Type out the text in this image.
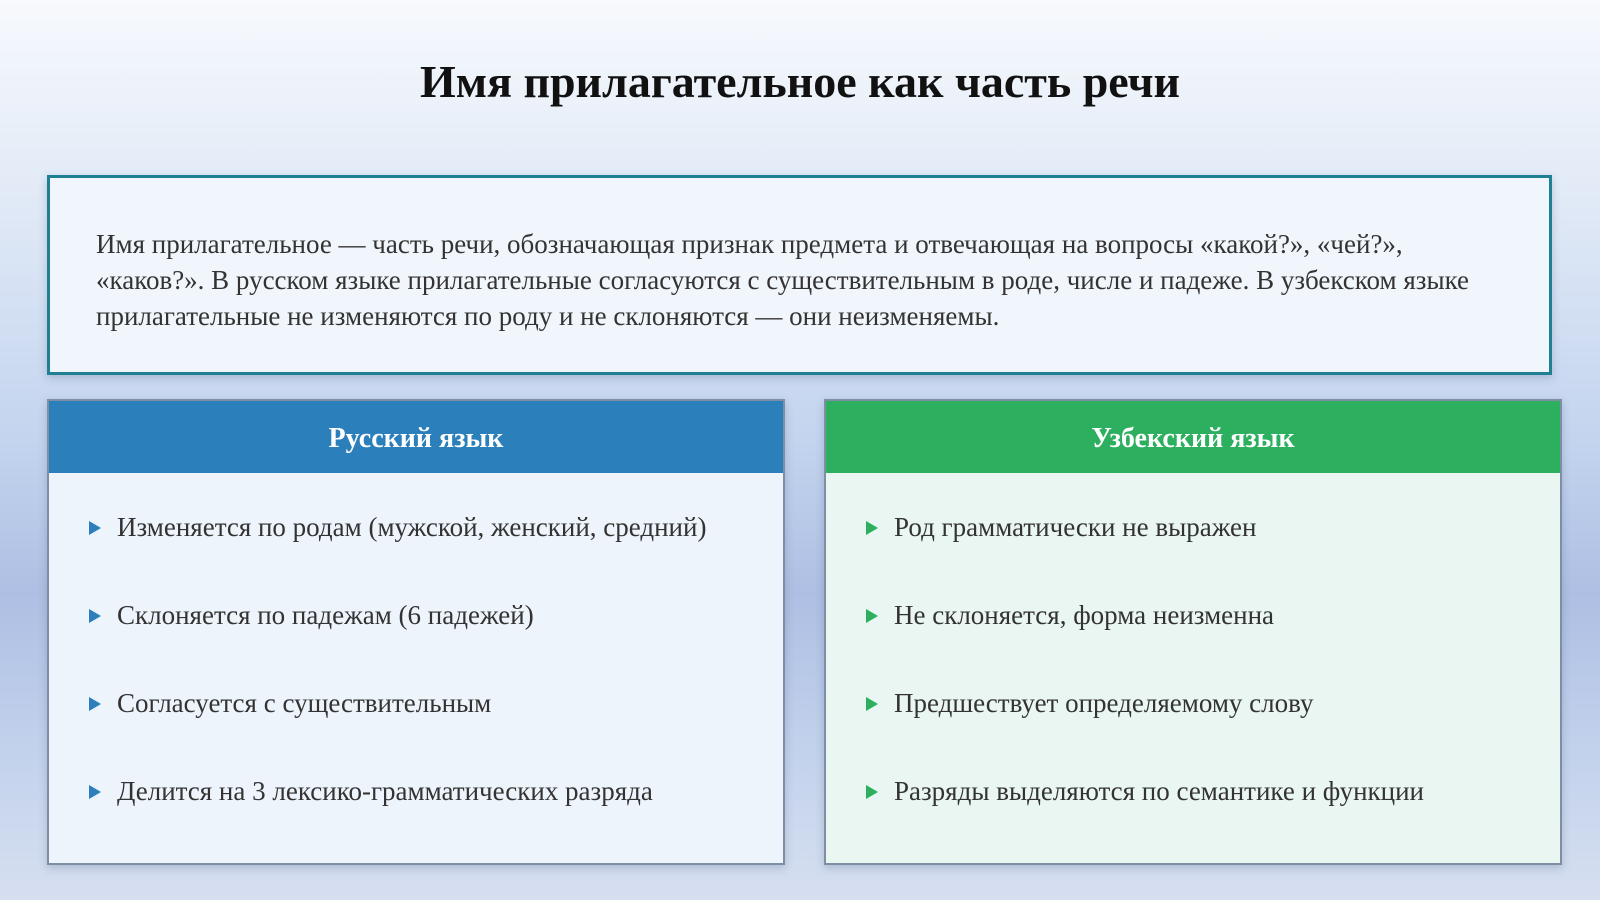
Имя прилагательное как часть речи

Имя прилагательное — часть речи, обозначающая признак предмета и отвечающая на вопросы «какой?», «чей?», «каков?». В русском языке прилагательные согласуются с существительным в роде, числе и падеже. В узбекском языке прилагательные не изменяются по роду и не склоняются — они неизменяемы.

Русский язык
Изменяется по родам (мужской, женский, средний)
Склоняется по падежам (6 падежей)
Согласуется с существительным
Делится на 3 лексико-грамматических разряда
Узбекский язык
Род грамматически не выражен
Не склоняется, форма неизменна
Предшествует определяемому слову
Разряды выделяются по семантике и функции
